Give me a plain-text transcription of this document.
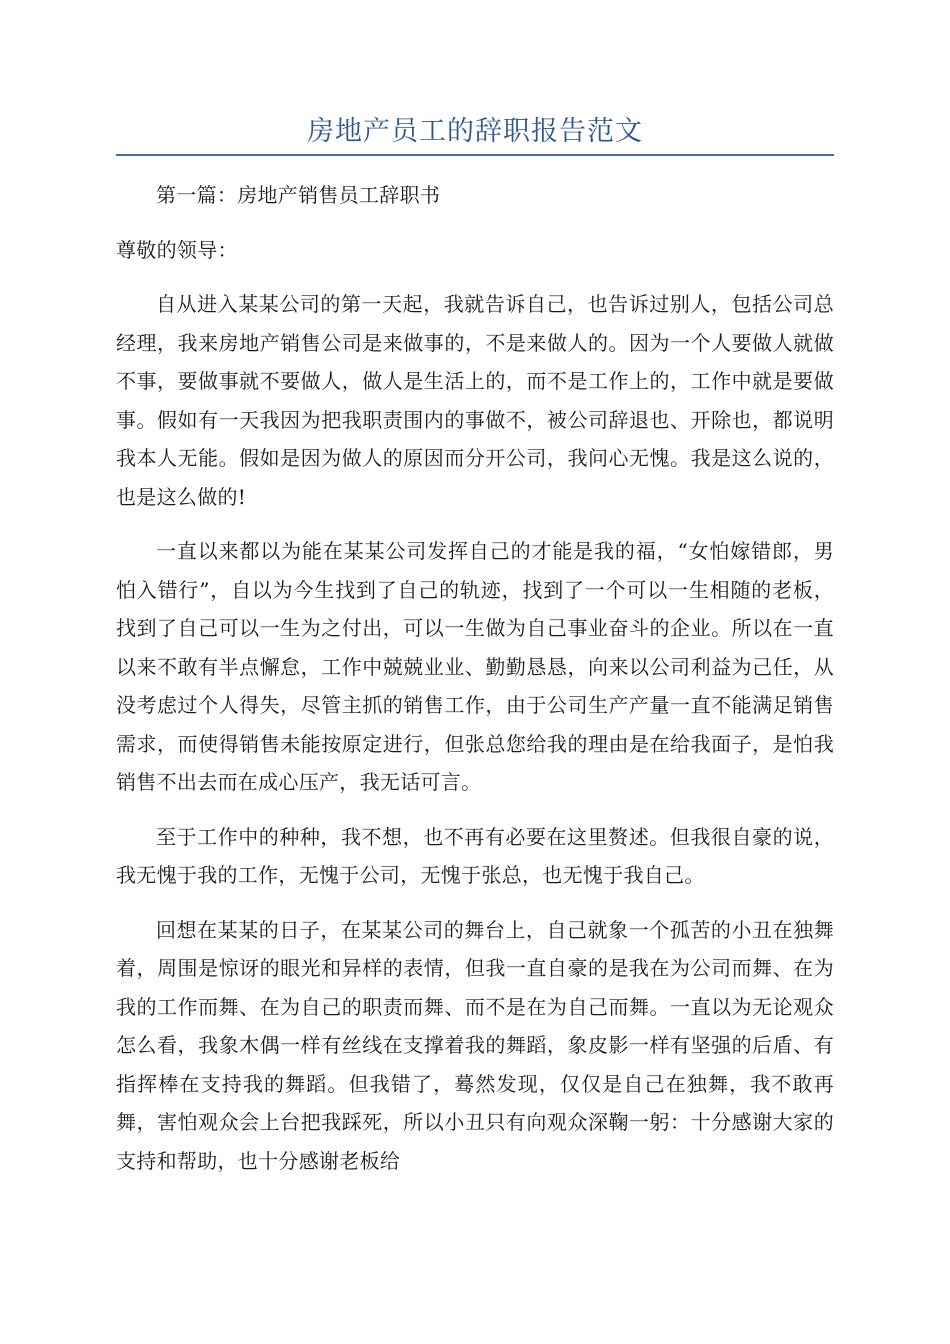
房地产员工的辞职报告范文

第一篇：房地产销售员工辞职书

尊敬的领导：

自从进入某某公司的第一天起，我就告诉自己，也告诉过别人，包括公司总经理，我来房地产销售公司是来做事的，不是来做人的。因为一个人要做人就做不事，要做事就不要做人，做人是生活上的，而不是工作上的，工作中就是要做事。假如有一天我因为把我职责围内的事做不，被公司辞退也、开除也，都说明我本人无能。假如是因为做人的原因而分开公司，我问心无愧。我是这么说的，也是这么做的!

一直以来都以为能在某某公司发挥自己的才能是我的福，“女怕嫁错郎，男怕入错行”，自以为今生找到了自己的轨迹，找到了一个可以一生相随的老板，找到了自己可以一生为之付出，可以一生做为自己事业奋斗的企业。所以在一直以来不敢有半点懈怠，工作中兢兢业业、勤勤恳恳，向来以公司利益为己任，从没考虑过个人得失，尽管主抓的销售工作，由于公司生产产量一直不能满足销售需求，而使得销售未能按原定进行，但张总您给我的理由是在给我面子，是怕我销售不出去而在成心压产，我无话可言。

至于工作中的种种，我不想，也不再有必要在这里赘述。但我很自豪的说，我无愧于我的工作，无愧于公司，无愧于张总，也无愧于我自己。

回想在某某的日子，在某某公司的舞台上，自己就象一个孤苦的小丑在独舞着，周围是惊讶的眼光和异样的表情，但我一直自豪的是我在为公司而舞、在为我的工作而舞、在为自己的职责而舞、而不是在为自己而舞。一直以为无论观众怎么看，我象木偶一样有丝线在支撑着我的舞蹈，象皮影一样有坚强的后盾、有指挥棒在支持我的舞蹈。但我错了，蓦然发现，仅仅是自己在独舞，我不敢再舞，害怕观众会上台把我踩死，所以小丑只有向观众深鞠一躬：十分感谢大家的支持和帮助，也十分感谢老板给
